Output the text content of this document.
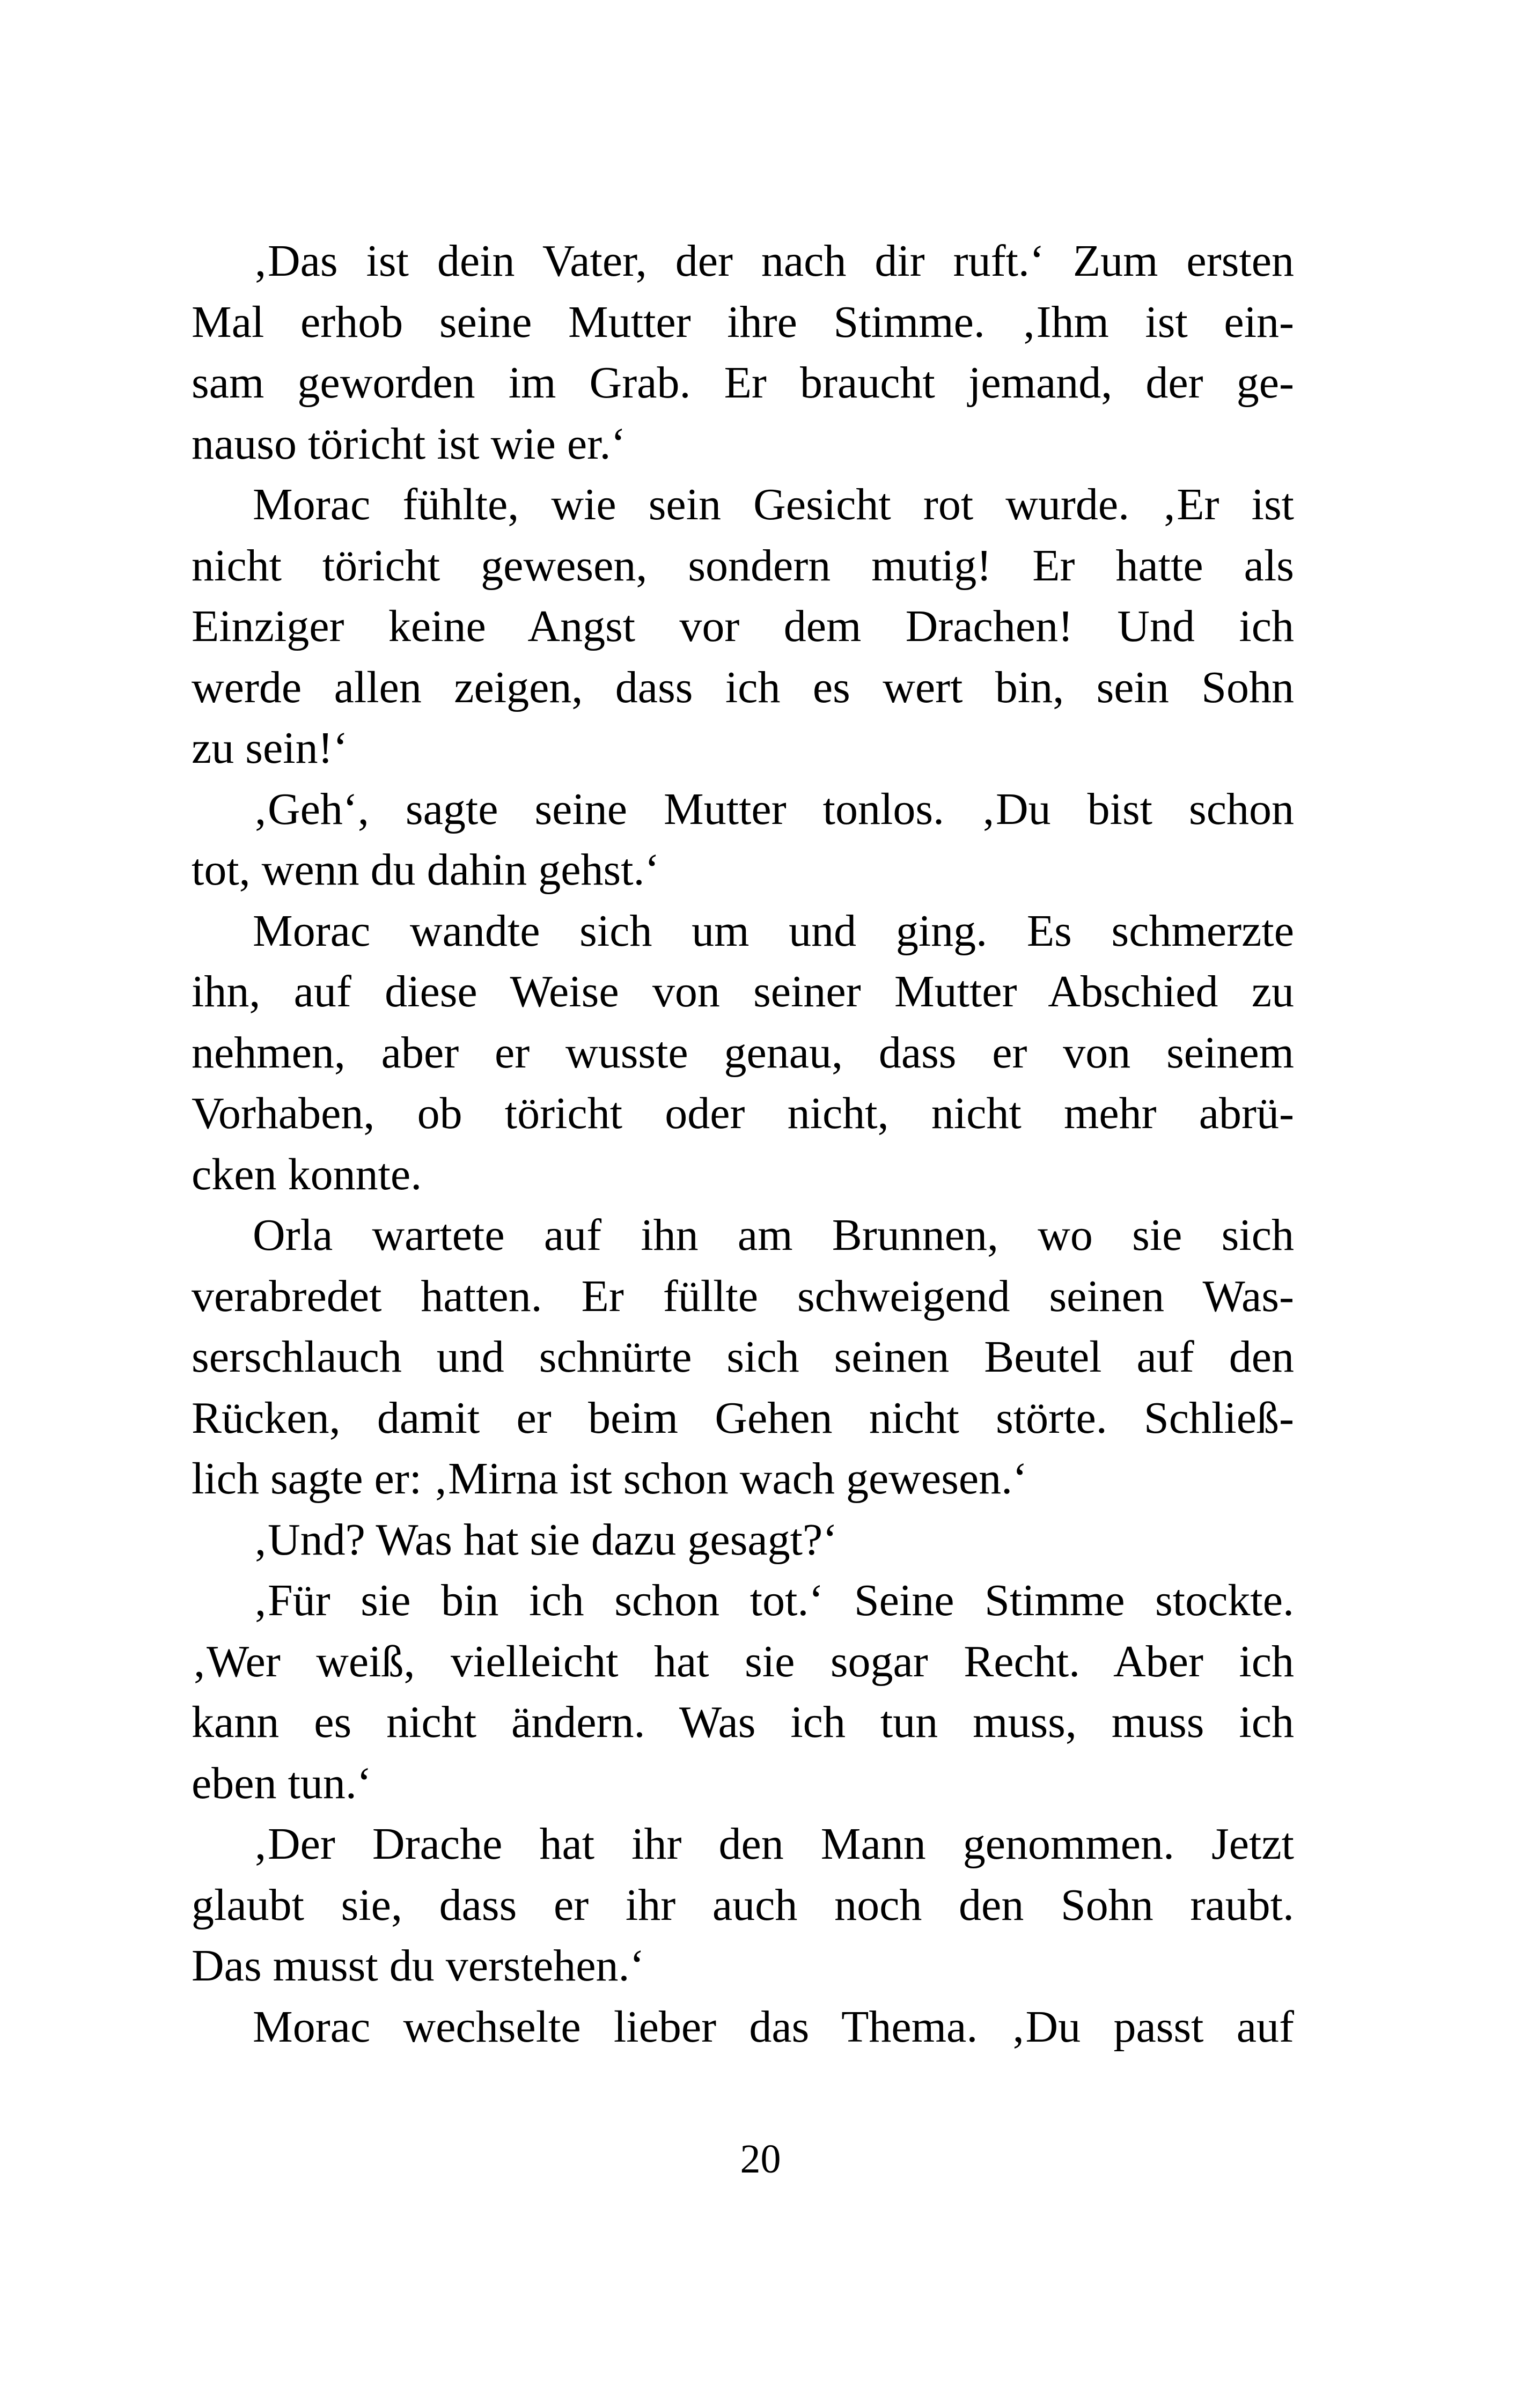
‚Das ist dein Vater, der nach dir ruft.‘ Zum ersten
Mal erhob seine Mutter ihre Stimme. ‚Ihm ist ein-
sam geworden im Grab. Er braucht jemand, der ge-
nauso töricht ist wie er.‘
Morac fühlte, wie sein Gesicht rot wurde. ‚Er ist
nicht töricht gewesen, sondern mutig! Er hatte als
Einziger keine Angst vor dem Drachen! Und ich
werde allen zeigen, dass ich es wert bin, sein Sohn
zu sein!‘
‚Geh‘, sagte seine Mutter tonlos. ‚Du bist schon
tot, wenn du dahin gehst.‘
Morac wandte sich um und ging. Es schmerzte
ihn, auf diese Weise von seiner Mutter Abschied zu
nehmen, aber er wusste genau, dass er von seinem
Vorhaben, ob töricht oder nicht, nicht mehr abrü-
cken konnte.
Orla wartete auf ihn am Brunnen, wo sie sich
verabredet hatten. Er füllte schweigend seinen Was-
serschlauch und schnürte sich seinen Beutel auf den
Rücken, damit er beim Gehen nicht störte. Schließ-
lich sagte er: ‚Mirna ist schon wach gewesen.‘
‚Und? Was hat sie dazu gesagt?‘
‚Für sie bin ich schon tot.‘ Seine Stimme stockte.
‚Wer weiß, vielleicht hat sie sogar Recht. Aber ich
kann es nicht ändern. Was ich tun muss, muss ich
eben tun.‘
‚Der Drache hat ihr den Mann genommen. Jetzt
glaubt sie, dass er ihr auch noch den Sohn raubt.
Das musst du verstehen.‘
Morac wechselte lieber das Thema. ‚Du passt auf
20
